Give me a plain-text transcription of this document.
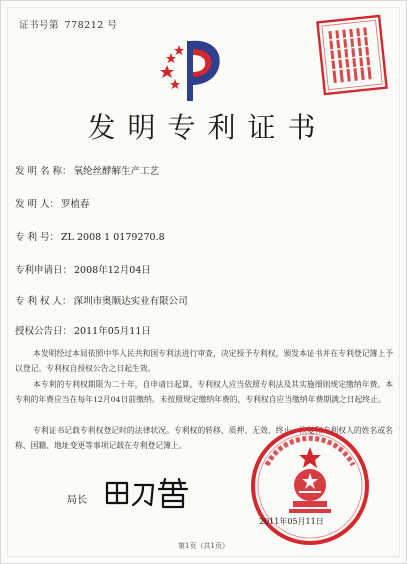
证书号第 778212 号
发明专利证书
发 明 名 称： 氧纶丝酵解生产工艺
发 明 人： 罗植春
专 利 号： ZL 2008 1 0179270.8
专利申请日： 2008年12月04日
专 利 权 人： 深圳市奥顺达实业有限公司
授权公告日： 2011年05月11日
本发明经过本局依照中华人民共和国专利法进行审查，决定授予专利权，颁发本证书并在专利登记簿上予以登记。专利权自授权公告之日起生效。
本专利的专利权期限为二十年，自申请日起算。专利权人应当依照专利法及其实施细则规定缴纳年费。本专利的年费应当在每年12月04日前缴纳。未按照规定缴纳年费的，专利权自应当缴纳年费期满之日起终止。
专利证书记载专利权登记时的法律状况。专利权的转移、质押、无效、终止、恢复和专利权人的姓名或名称、国籍、地址变更等事项记载在专利登记簿上。
局长
2011年05月11日
第1页（共1页）
